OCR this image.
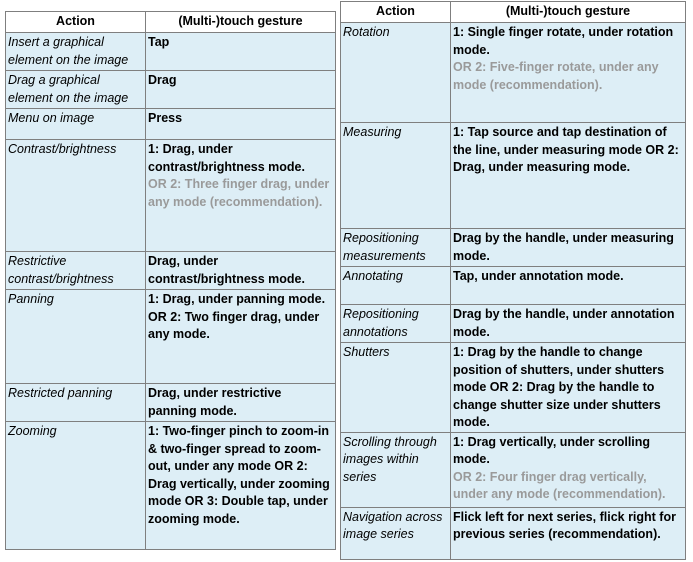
Action	(Multi-)touch gesture
Insert a graphical element on the image	Tap

Drag a graphical element on the image	Drag

Menu on image	Press

Contrast/brightness	1: Drag, under contrast/brightness mode.
OR 2: Three finger drag, under any mode (recommendation).

Restrictive contrast/brightness	Drag, under contrast/brightness mode.

Panning	1: Drag, under panning mode.
OR 2: Two finger drag, under any mode.

Restricted panning	Drag, under restrictive panning mode.

Zooming	1: Two-finger pinch to zoom-in & two-finger spread to zoom-out, under any mode OR 2: Drag vertically, under zooming mode OR 3: Double tap, under zooming mode.
Action	(Multi-)touch gesture
Rotation	1: Single finger rotate, under rotation mode.
OR 2: Five-finger rotate, under any mode (recommendation).

Measuring	1: Tap source and tap destination of the line, under measuring mode OR 2: Drag, under measuring mode.

Repositioning measurements	Drag by the handle, under measuring mode.

Annotating	Tap, under annotation mode.

Repositioning annotations	Drag by the handle, under annotation mode.

Shutters	1: Drag by the handle to change position of shutters, under shutters mode OR 2: Drag by the handle to change shutter size under shutters mode.

Scrolling through images within series	1: Drag vertically, under scrolling mode.
OR 2: Four finger drag vertically, under any mode (recommendation).

Navigation across image series	Flick left for next series, flick right for previous series (recommendation).
